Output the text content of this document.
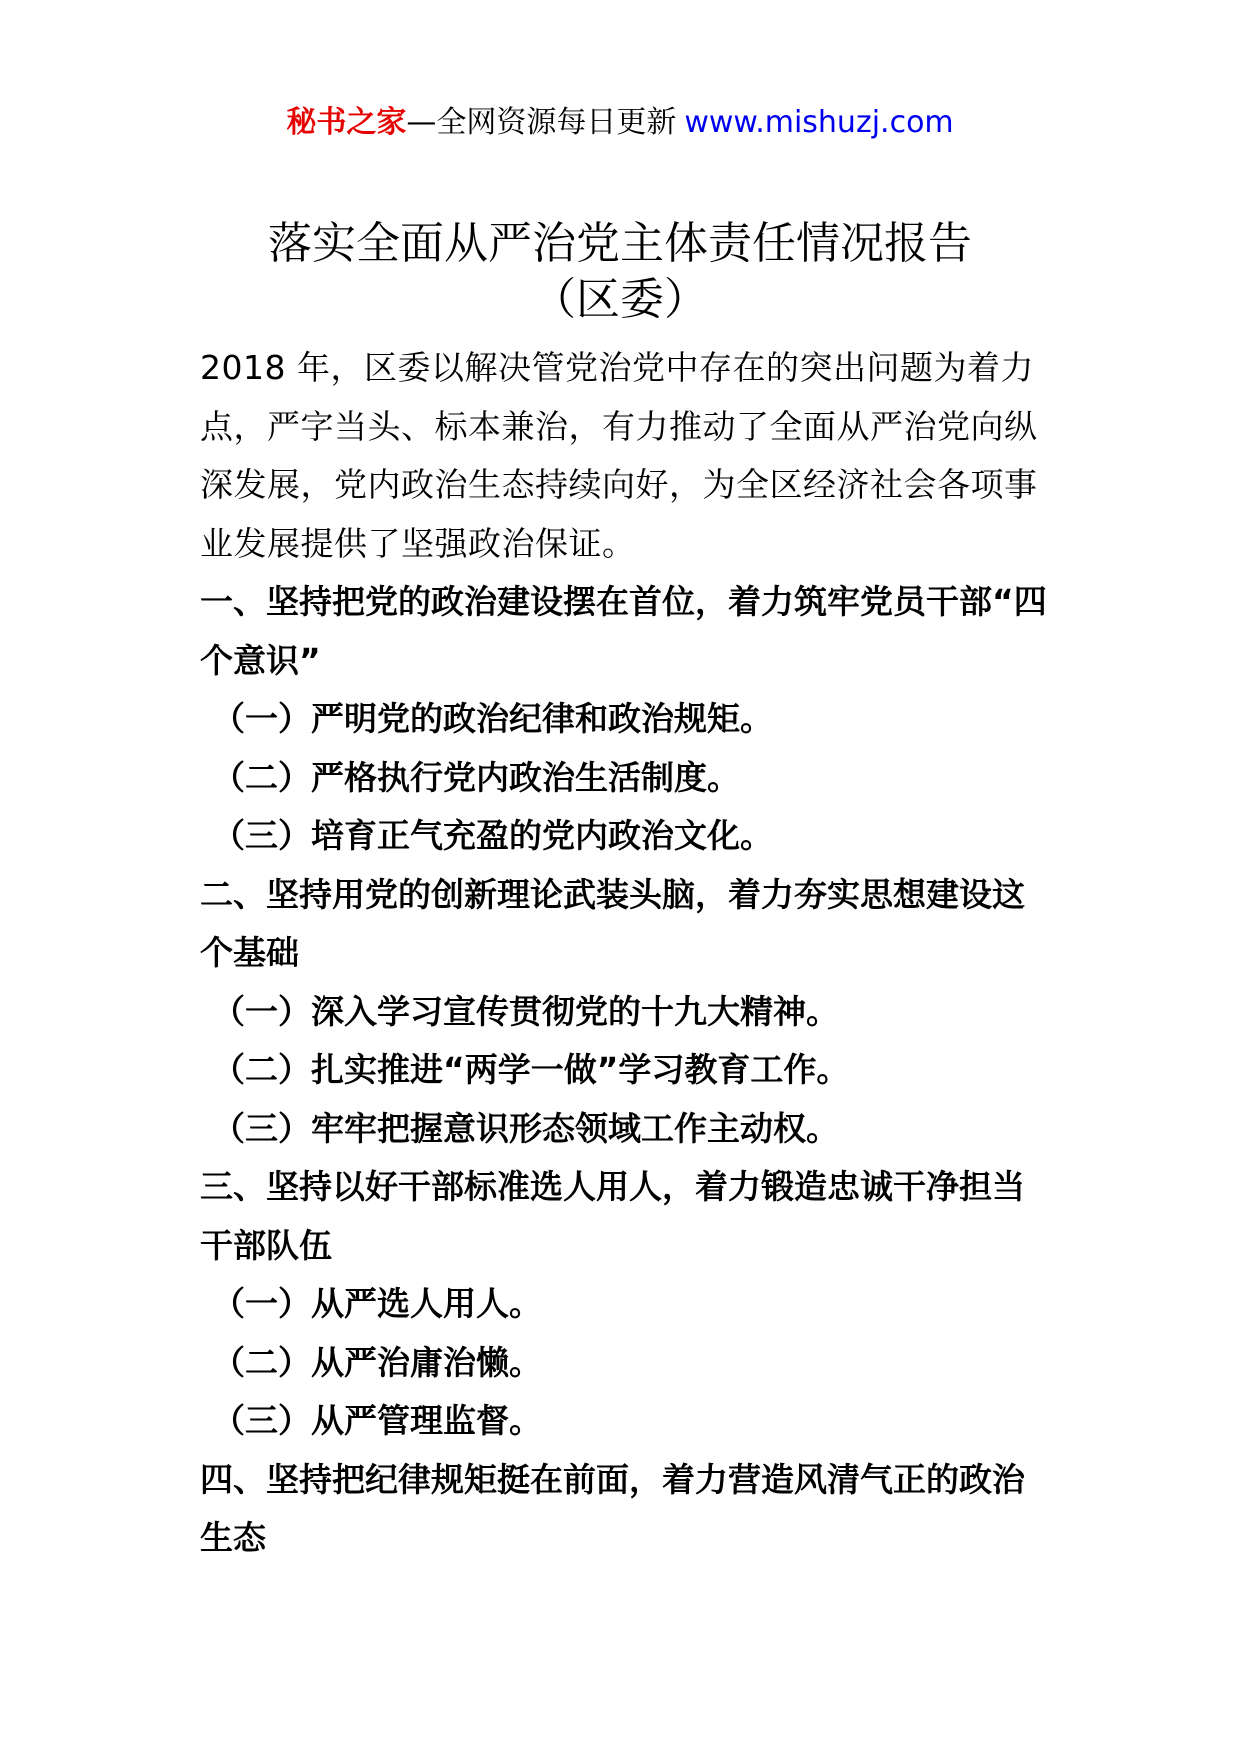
秘书之家—全网资源每日更新 www.mishuzj.com
落实全面从严治党主体责任情况报告
（区委）

2018 年，区委以解决管党治党中存在的突出问题为着力点，严字当头、标本兼治，有力推动了全面从严治党向纵深发展，党内政治生态持续向好，为全区经济社会各项事业发展提供了坚强政治保证。

一、坚持把党的政治建设摆在首位，着力筑牢党员干部“四个意识”

（一）严明党的政治纪律和政治规矩。

（二）严格执行党内政治生活制度。

（三）培育正气充盈的党内政治文化。

二、坚持用党的创新理论武装头脑，着力夯实思想建设这个基础

（一）深入学习宣传贯彻党的十九大精神。

（二）扎实推进“两学一做”学习教育工作。

（三）牢牢把握意识形态领域工作主动权。

三、坚持以好干部标准选人用人，着力锻造忠诚干净担当干部队伍

（一）从严选人用人。

（二）从严治庸治懒。

（三）从严管理监督。

四、坚持把纪律规矩挺在前面，着力营造风清气正的政治生态
